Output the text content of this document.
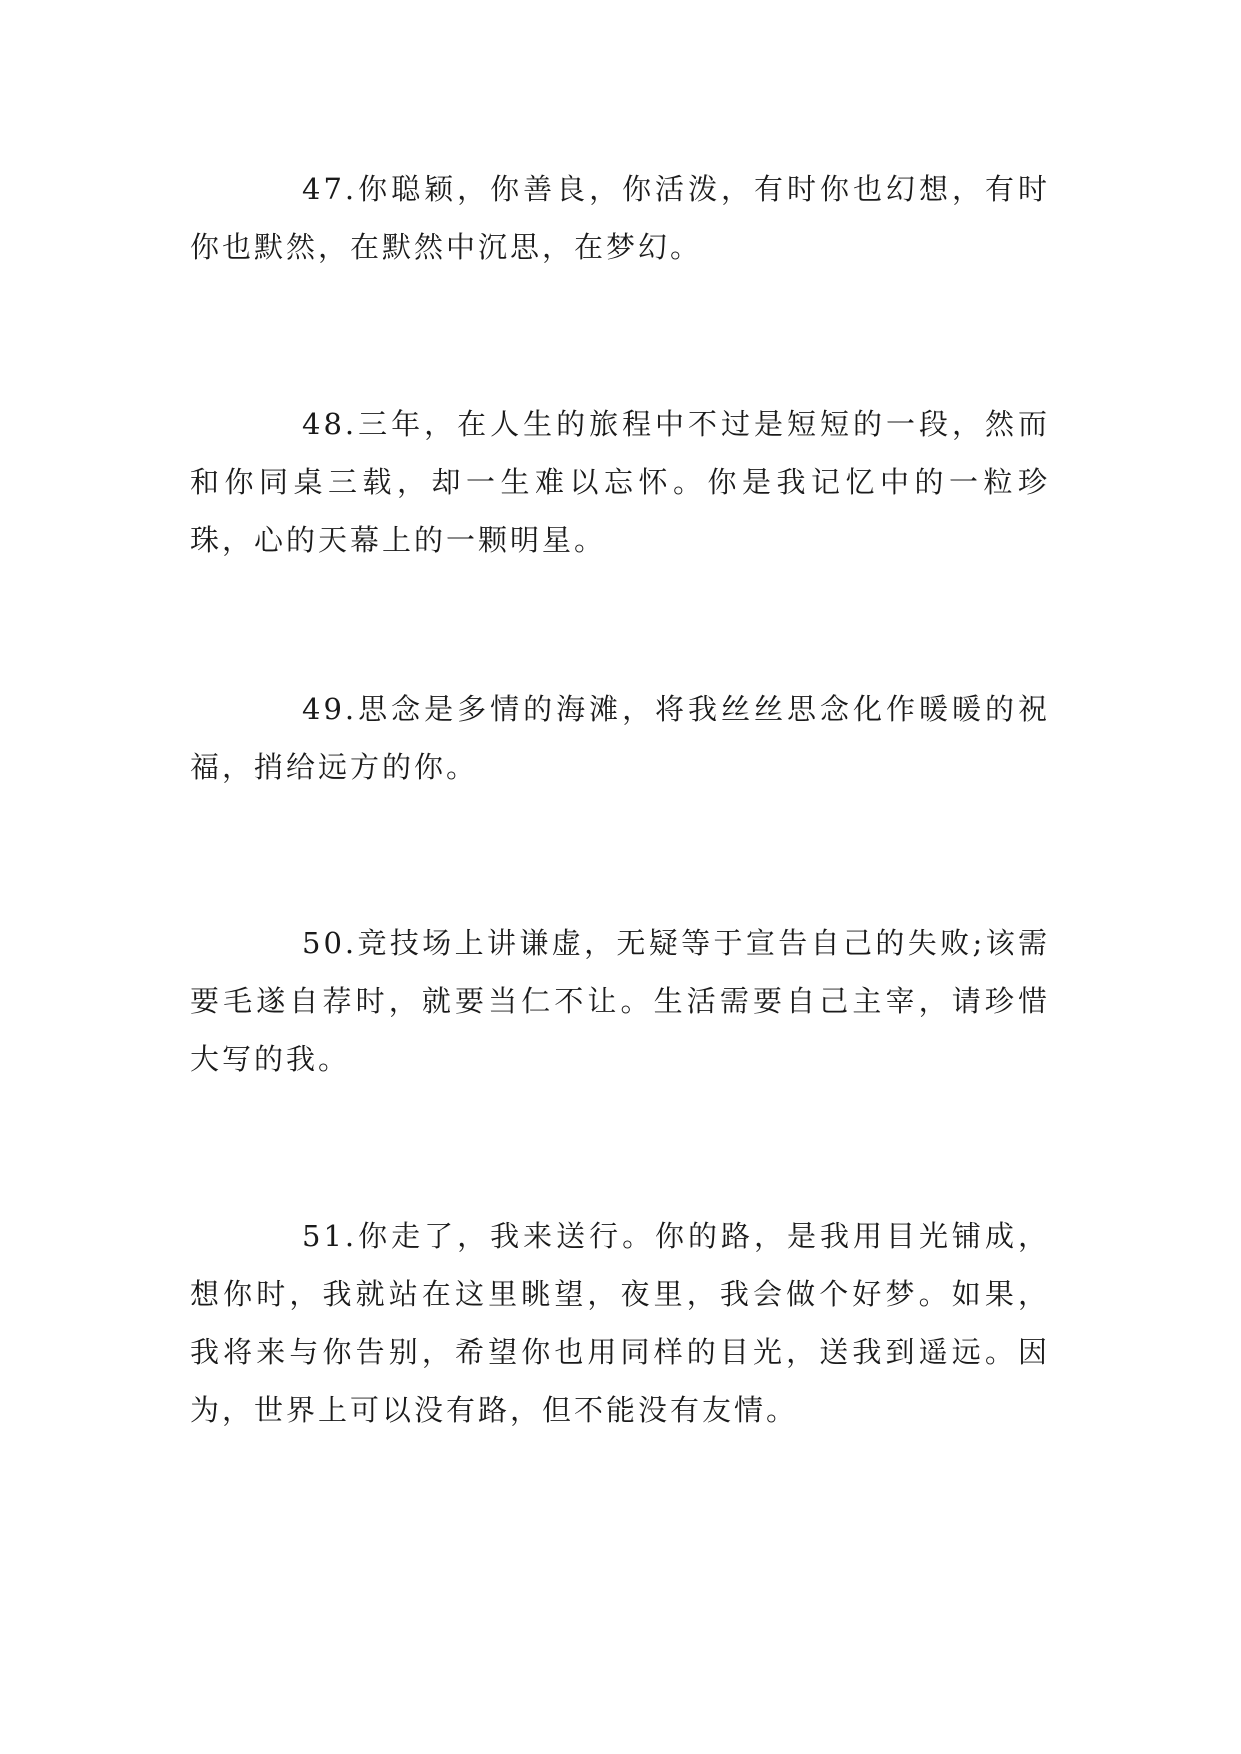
47.你聪颖，你善良，你活泼，有时你也幻想，有时你也默然，在默然中沉思，在梦幻。

48.三年，在人生的旅程中不过是短短的一段，然而和你同桌三载，却一生难以忘怀。你是我记忆中的一粒珍珠，心的天幕上的一颗明星。

49.思念是多情的海滩，将我丝丝思念化作暖暖的祝福，捎给远方的你。

50.竞技场上讲谦虚，无疑等于宣告自己的失败;该需要毛遂自荐时，就要当仁不让。生活需要自己主宰，请珍惜大写的我。

51.你走了，我来送行。你的路，是我用目光铺成，想你时，我就站在这里眺望，夜里，我会做个好梦。如果，我将来与你告别，希望你也用同样的目光，送我到遥远。因为，世界上可以没有路，但不能没有友情。
